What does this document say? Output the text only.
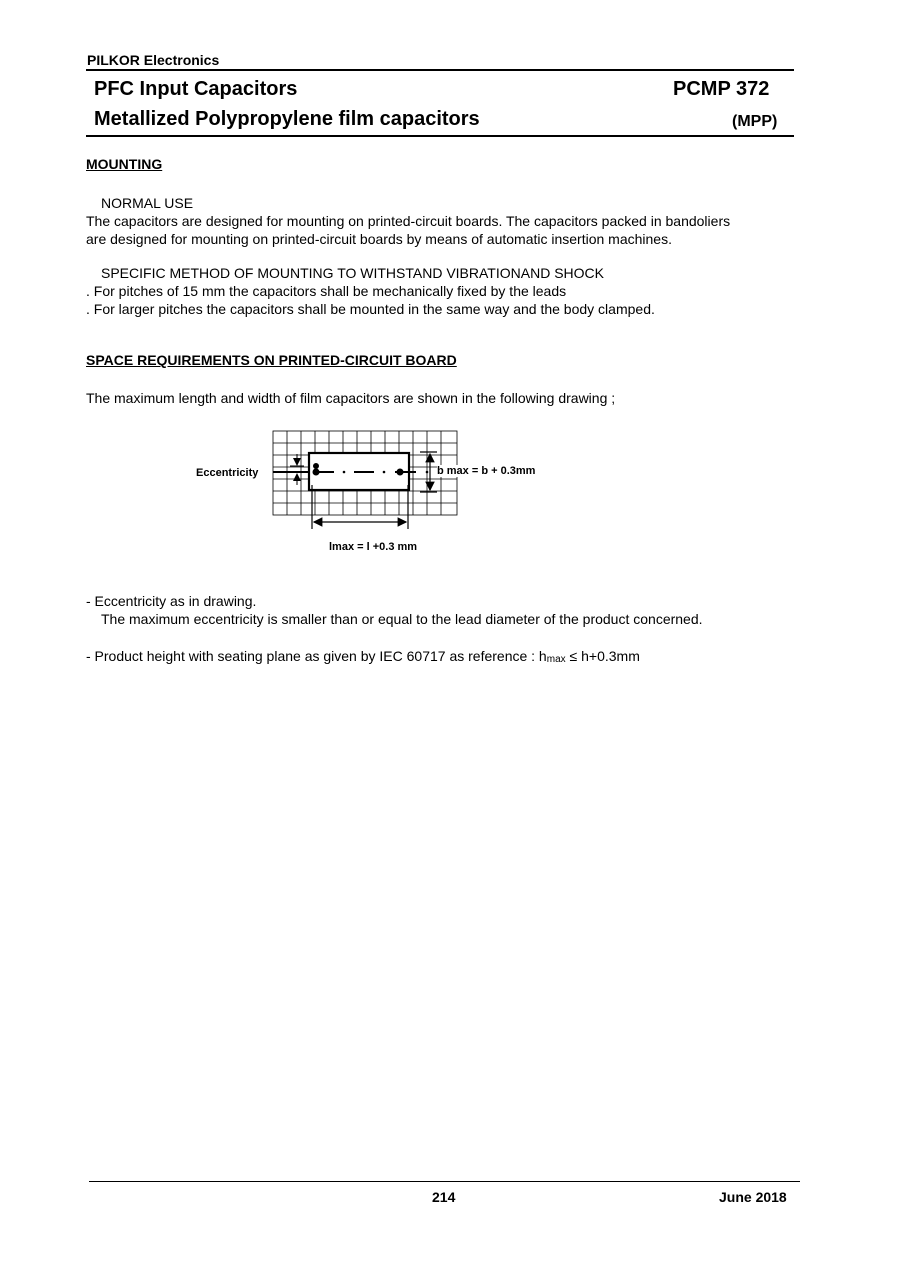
PILKOR Electronics
PFC Input Capacitors	PCMP 372
Metallized Polypropylene film capacitors	(MPP)
MOUNTING
NORMAL USE
The capacitors are designed for mounting on printed-circuit boards. The capacitors packed in bandoliers
are designed for mounting on printed-circuit boards by means of automatic insertion machines.
SPECIFIC METHOD OF MOUNTING TO WITHSTAND VIBRATIONAND SHOCK
. For pitches of 15 mm the capacitors shall be mechanically fixed by the leads
. For larger pitches the capacitors shall be mounted in the same way and the body clamped.
SPACE REQUIREMENTS ON PRINTED-CIRCUIT BOARD
The maximum length and width of film capacitors are shown in the following drawing ;
Eccentricity	b max = b + 0.3mm
lmax = l +0.3 mm
- Eccentricity as in drawing.
The maximum eccentricity is smaller than or equal to the lead diameter of the product concerned.
- Product height with seating plane as given by IEC 60717 as reference : $h_{max} \le h+0.3mm$
214	June 2018
